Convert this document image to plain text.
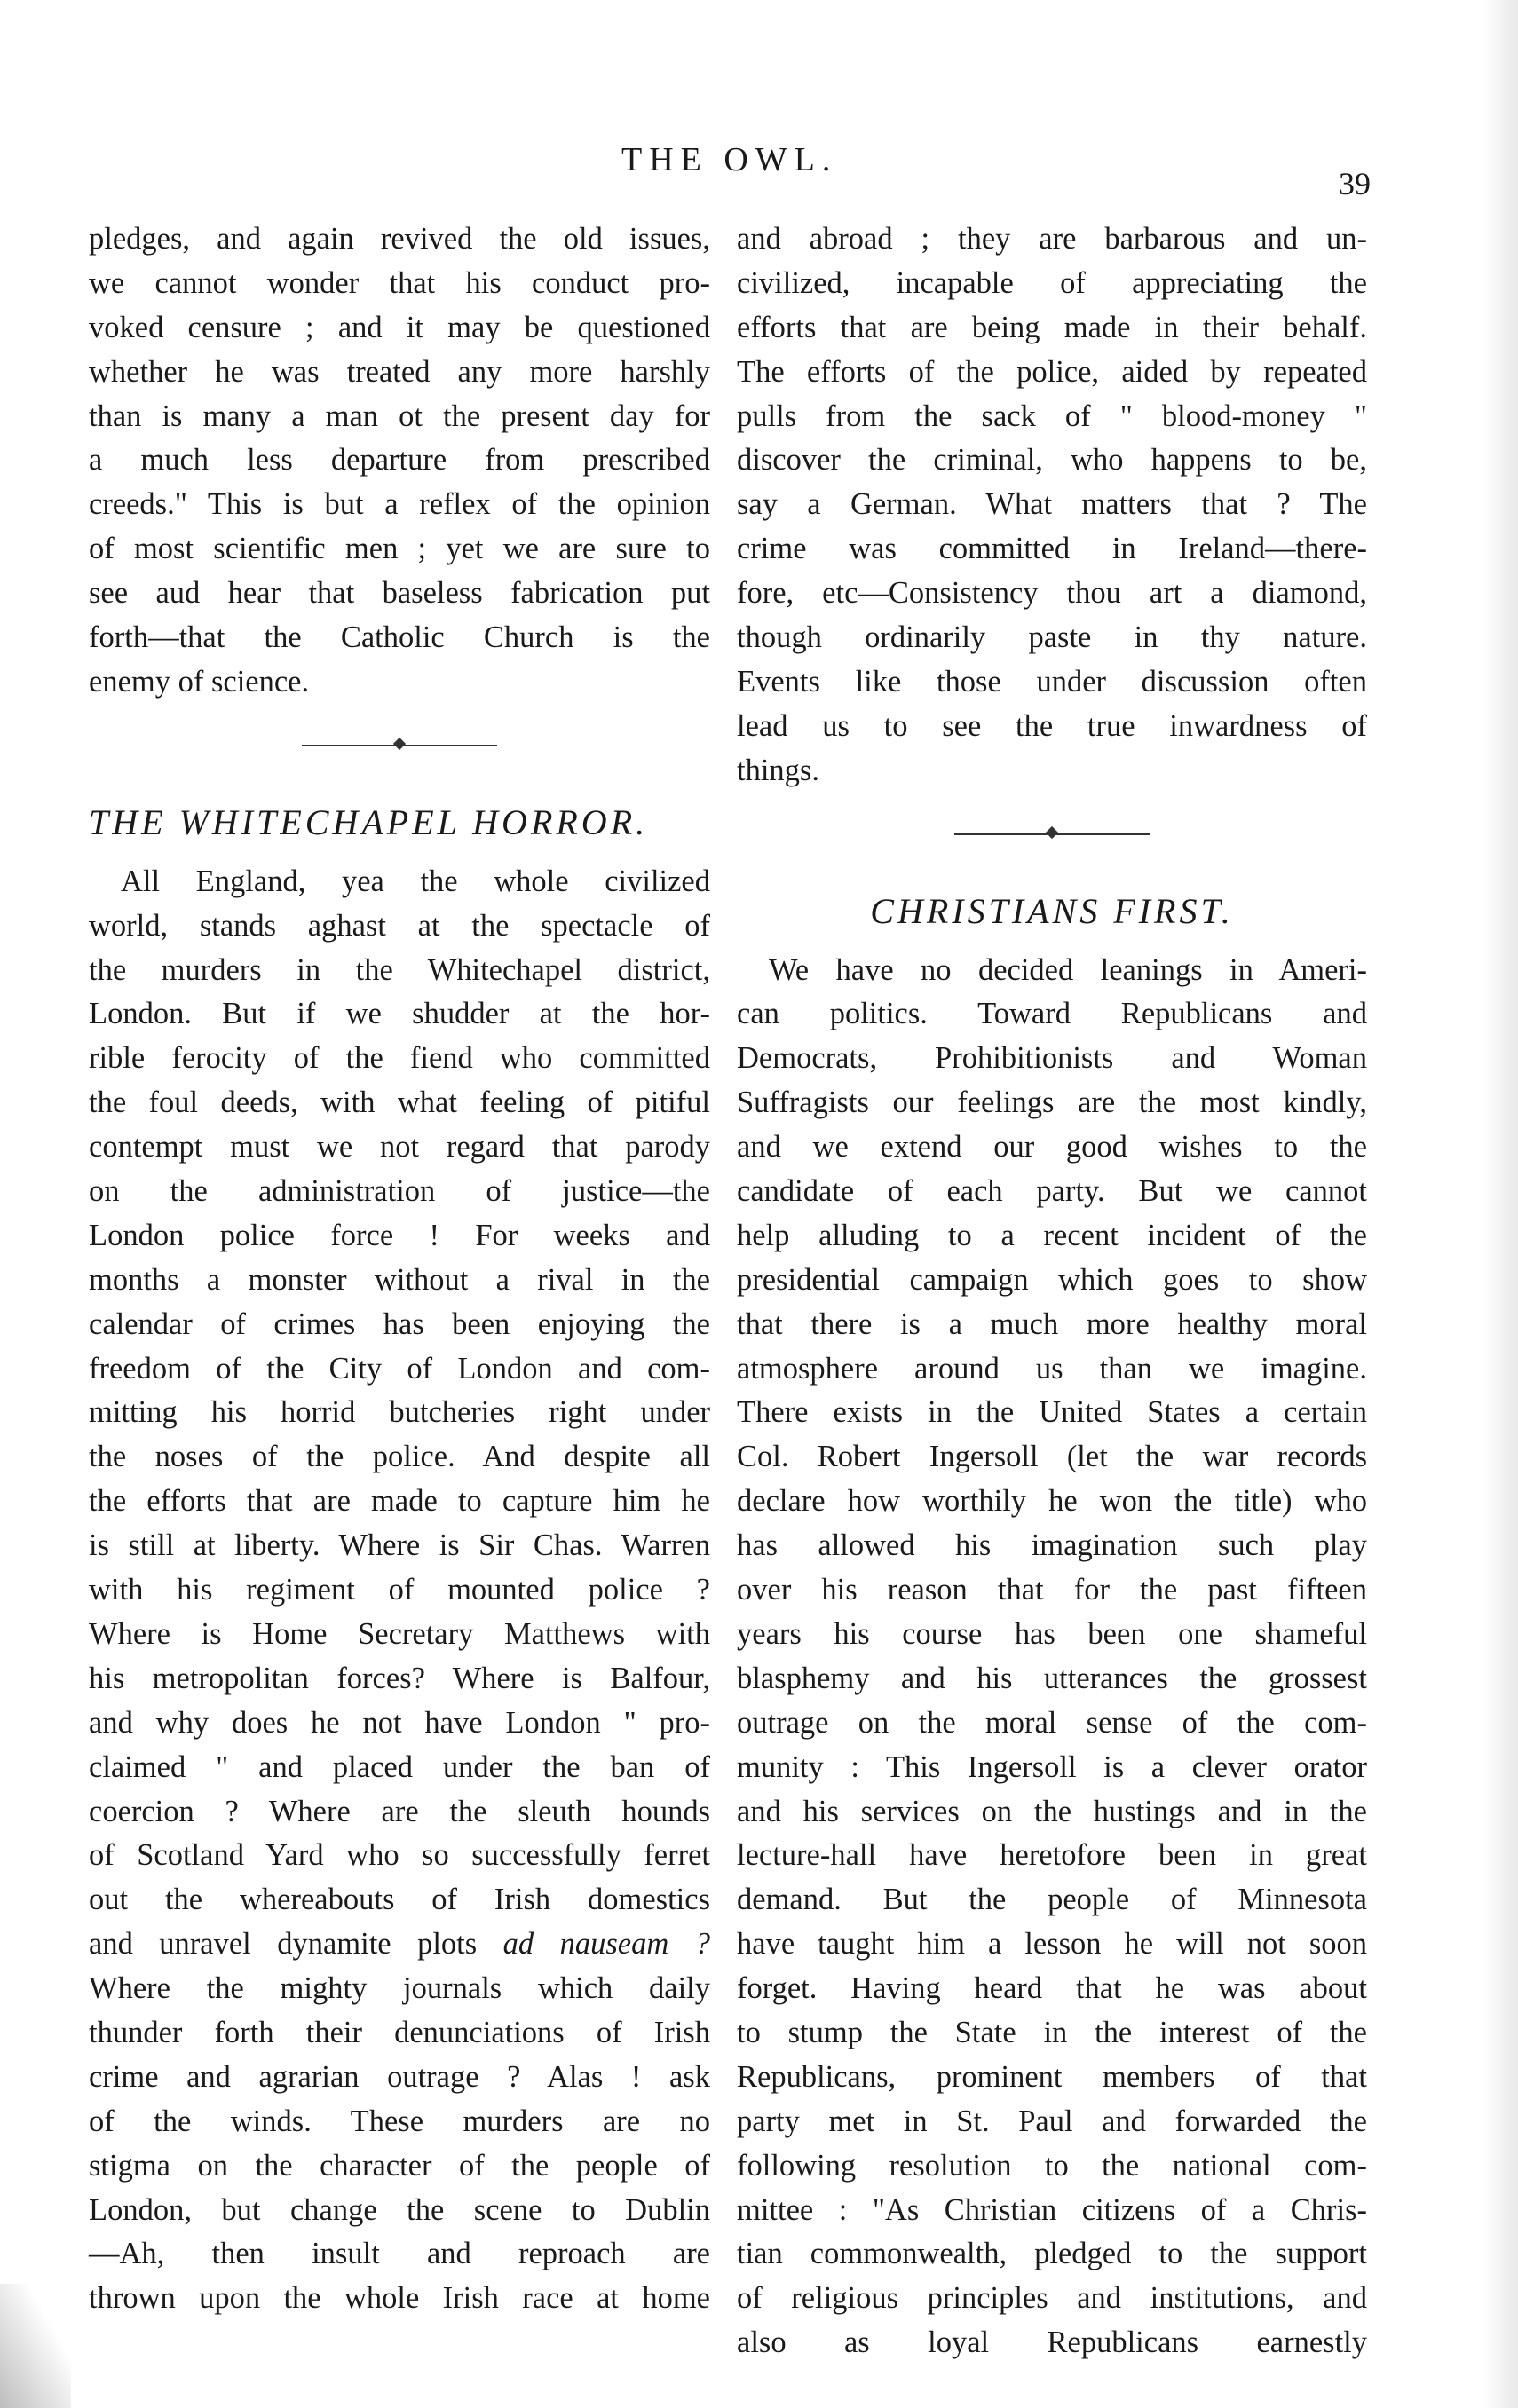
THE OWL.
39
pledges, and again revived the old issues,
we cannot wonder that his conduct pro-
voked censure ; and it may be questioned
whether he was treated any more harshly
than is many a man ot the present day for
a much less departure from prescribed
creeds." This is but a reflex of the opinion
of most scientific men ; yet we are sure to
see aud hear that baseless fabrication put
forth—that the Catholic Church is the
enemy of science.
THE WHITECHAPEL HORROR.
All England, yea the whole civilized
world, stands aghast at the spectacle of
the murders in the Whitechapel district,
London. But if we shudder at the hor-
rible ferocity of the fiend who committed
the foul deeds, with what feeling of pitiful
contempt must we not regard that parody
on the administration of justice—the
London police force ! For weeks and
months a monster without a rival in the
calendar of crimes has been enjoying the
freedom of the City of London and com-
mitting his horrid butcheries right under
the noses of the police. And despite all
the efforts that are made to capture him he
is still at liberty. Where is Sir Chas. Warren
with his regiment of mounted police ?
Where is Home Secretary Matthews with
his metropolitan forces? Where is Balfour,
and why does he not have London " pro-
claimed " and placed under the ban of
coercion ? Where are the sleuth hounds
of Scotland Yard who so successfully ferret
out the whereabouts of Irish domestics
and unravel dynamite plots ad nauseam ?
Where the mighty journals which daily
thunder forth their denunciations of Irish
crime and agrarian outrage ? Alas ! ask
of the winds. These murders are no
stigma on the character of the people of
London, but change the scene to Dublin
—Ah, then insult and reproach are
thrown upon the whole Irish race at home
and abroad ; they are barbarous and un-
civilized, incapable of appreciating the
efforts that are being made in their behalf.
The efforts of the police, aided by repeated
pulls from the sack of " blood-money "
discover the criminal, who happens to be,
say a German. What matters that ? The
crime was committed in Ireland—there-
fore, etc—Consistency thou art a diamond,
though ordinarily paste in thy nature.
Events like those under discussion often
lead us to see the true inwardness of
things.
CHRISTIANS FIRST.
We have no decided leanings in Ameri-
can politics. Toward Republicans and
Democrats, Prohibitionists and Woman
Suffragists our feelings are the most kindly,
and we extend our good wishes to the
candidate of each party. But we cannot
help alluding to a recent incident of the
presidential campaign which goes to show
that there is a much more healthy moral
atmosphere around us than we imagine.
There exists in the United States a certain
Col. Robert Ingersoll (let the war records
declare how worthily he won the title) who
has allowed his imagination such play
over his reason that for the past fifteen
years his course has been one shameful
blasphemy and his utterances the grossest
outrage on the moral sense of the com-
munity : This Ingersoll is a clever orator
and his services on the hustings and in the
lecture-hall have heretofore been in great
demand. But the people of Minnesota
have taught him a lesson he will not soon
forget. Having heard that he was about
to stump the State in the interest of the
Republicans, prominent members of that
party met in St. Paul and forwarded the
following resolution to the national com-
mittee : "As Christian citizens of a Chris-
tian commonwealth, pledged to the support
of religious principles and institutions, and
also as loyal Republicans earnestly
